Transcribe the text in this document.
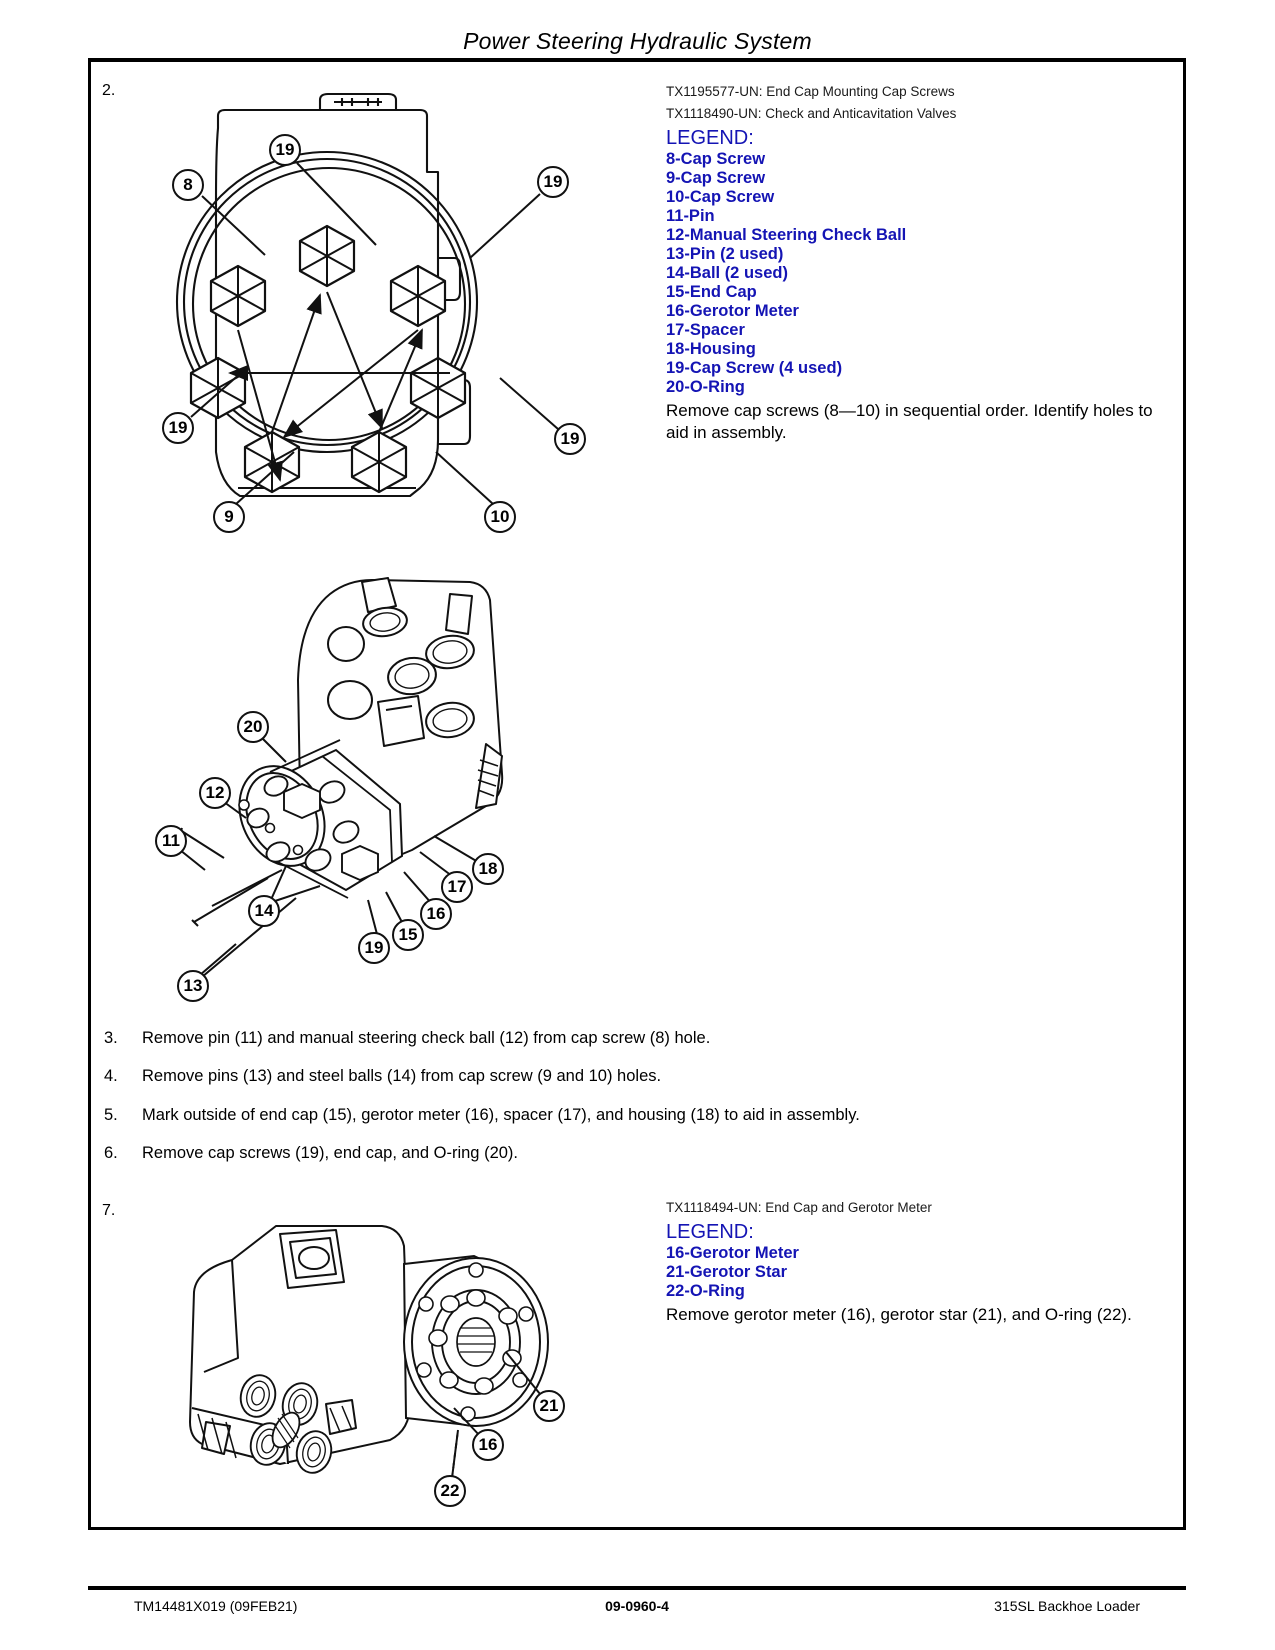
Power Steering Hydraulic System
2.	TX1195577-UN: End Cap Mounting Cap Screws
TX1118490-UN: Check and Anticavitation Valves
LEGEND:
8-Cap Screw
9-Cap Screw
10-Cap Screw
11-Pin
12-Manual Steering Check Ball
13-Pin (2 used)
14-Ball (2 used)
15-End Cap
16-Gerotor Meter
17-Spacer
18-Housing
19-Cap Screw (4 used)
20-O-Ring
Remove cap screws (8—10) in sequential order. Identify holes to aid in assembly.
19
8	19
19
19
9	10
20
12
11
18
17
14	16
19
15
13
3. Remove pin (11) and manual steering check ball (12) from cap screw (8) hole.
4. Remove pins (13) and steel balls (14) from cap screw (9 and 10) holes.
5. Mark outside of end cap (15), gerotor meter (16), spacer (17), and housing (18) to aid in assembly.
6. Remove cap screws (19), end cap, and O-ring (20).
7.	TX1118494-UN: End Cap and Gerotor Meter
LEGEND:
16-Gerotor Meter
21-Gerotor Star
22-O-Ring
Remove gerotor meter (16), gerotor star (21), and O-ring (22).
21
16
22
TM14481X019 (09FEB21)	09-0960-4	315SL Backhoe Loader
